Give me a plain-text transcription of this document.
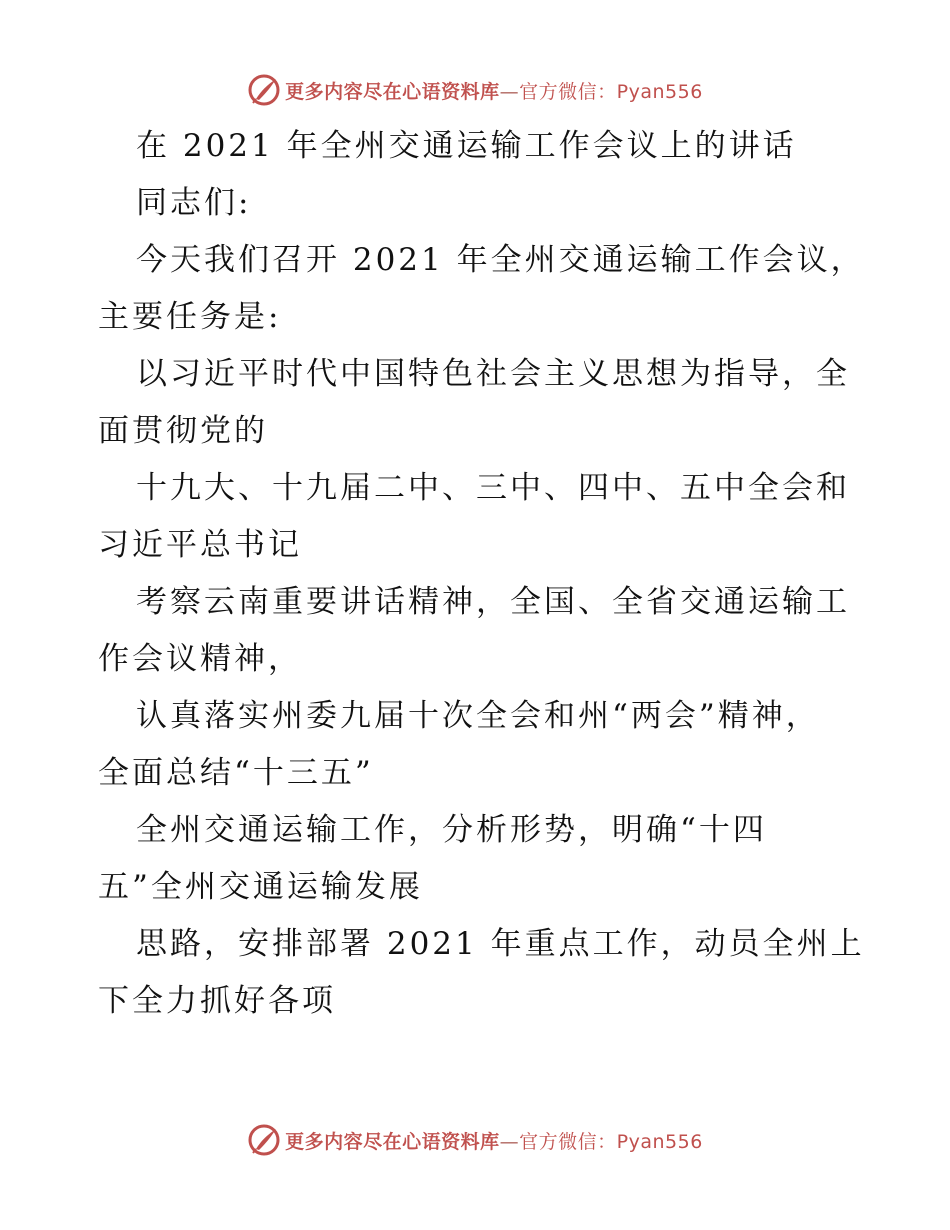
更多内容尽在心语资料库—官方微信：Pyan556
在 2021 年全州交通运输工作会议上的讲话
同志们:
今天我们召开 2021 年全州交通运输工作会议，
主要任务是:
以习近平时代中国特色社会主义思想为指导，全
面贯彻党的
十九大、十九届二中、三中、四中、五中全会和
习近平总书记
考察云南重要讲话精神，全国、全省交通运输工
作会议精神，
认真落实州委九届十次全会和州“两会”精神，
全面总结“十三五”
全州交通运输工作，分析形势，明确“十四
五”全州交通运输发展
思路，安排部署 2021 年重点工作，动员全州上
下全力抓好各项
更多内容尽在心语资料库—官方微信：Pyan556
